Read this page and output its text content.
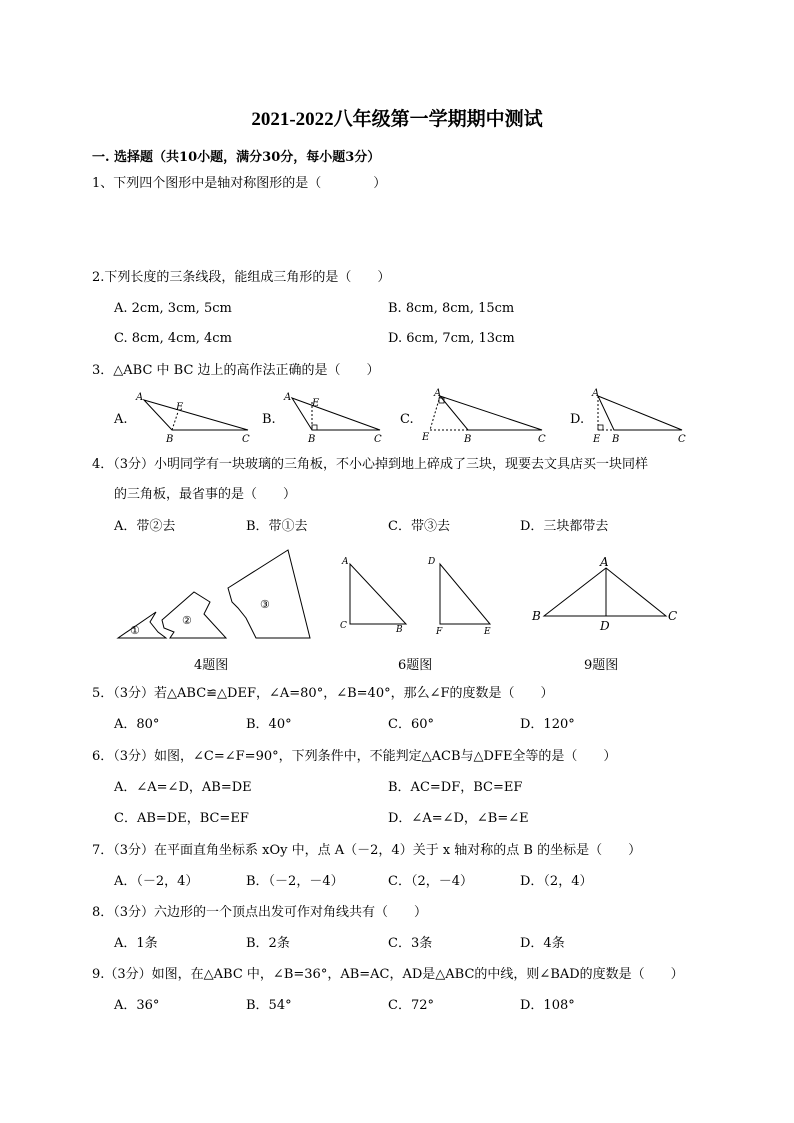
2021-2022八年级第一学期期中测试
一. 选择题（共10小题，满分30分，每小题3分）
1、下列四个图形中是轴对称图形的是（　　　　）
2.下列长度的三条线段，能组成三角形的是（　　）
A. 2cm, 3cm, 5cm	B. 8cm, 8cm, 15cm
C. 8cm, 4cm, 4cm	D. 6cm, 7cm, 13cm
3．△ABC 中 BC 边上的高作法正确的是（　　）
A.
A
E
B	C
B.
A
E
B	C
C.
A
E	B	C
D.
A
E B	C
4．（3分）小明同学有一块玻璃的三角板，不小心掉到地上碎成了三块，现要去文具店买一块同样
的三角板，最省事的是（　　）
A．带②去	B．带①去	C．带③去	D．三块都带去
①
②
③
A
C	B
D
F	E
A
B
D
C
4题图	6题图	9题图
5．（3分）若△ABC≌△DEF，∠A=80°，∠B=40°，那么∠F的度数是（　　）
A．80°	B．40°	C．60°	D．120°
6．（3分）如图，∠C=∠F=90°，下列条件中，不能判定△ACB与△DFE全等的是（　　）
A．∠A=∠D，AB=DE	B．AC=DF，BC=EF
C．AB=DE，BC=EF	D．∠A=∠D，∠B=∠E
7．（3分）在平面直角坐标系 xOy 中，点 A（－2，4）关于 x 轴对称的点 B 的坐标是（　　）
A．（－2，4）	B．（－2，－4）	C．（2，－4）	D．（2，4）
8．（3分）六边形的一个顶点出发可作对角线共有（　　）
A．1条	B．2条	C．3条	D．4条
9.（3分）如图，在△ABC 中，∠B=36°，AB=AC，AD是△ABC的中线，则∠BAD的度数是（　　）
A．36°	B．54°	C．72°	D．108°
